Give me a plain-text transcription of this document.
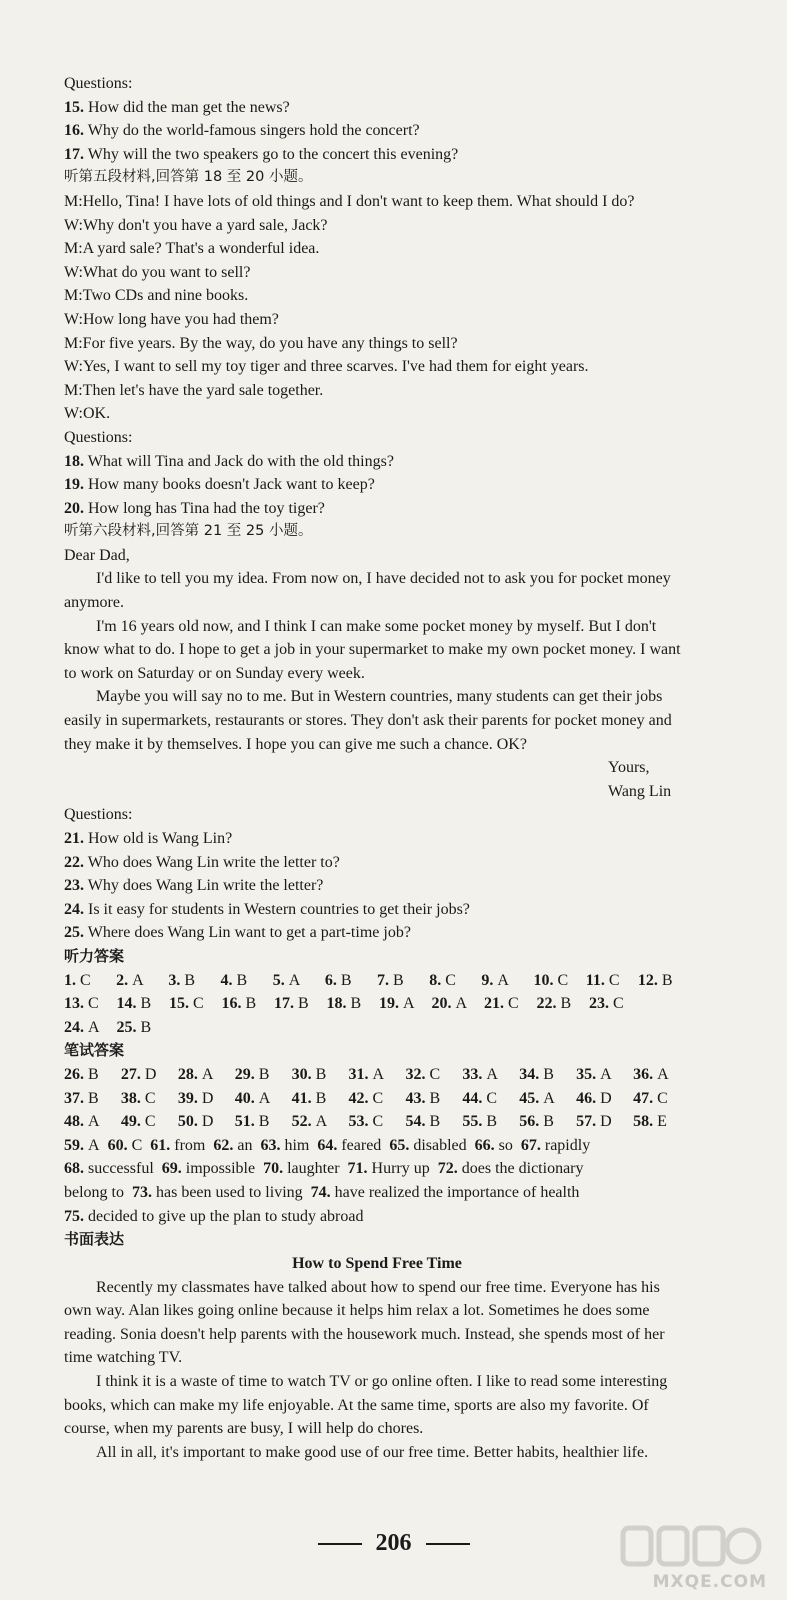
Questions:
15. How did the man get the news?
16. Why do the world-famous singers hold the concert?
17. Why will the two speakers go to the concert this evening?
听第五段材料,回答第 18 至 20 小题。
M:Hello, Tina! I have lots of old things and I don't want to keep them. What should I do?
W:Why don't you have a yard sale, Jack?
M:A yard sale? That's a wonderful idea.
W:What do you want to sell?
M:Two CDs and nine books.
W:How long have you had them?
M:For five years. By the way, do you have any things to sell?
W:Yes, I want to sell my toy tiger and three scarves. I've had them for eight years.
M:Then let's have the yard sale together.
W:OK.
Questions:
18. What will Tina and Jack do with the old things?
19. How many books doesn't Jack want to keep?
20. How long has Tina had the toy tiger?
听第六段材料,回答第 21 至 25 小题。
Dear Dad,
I'd like to tell you my idea. From now on, I have decided not to ask you for pocket money anymore.
I'm 16 years old now, and I think I can make some pocket money by myself. But I don't know what to do. I hope to get a job in your supermarket to make my own pocket money. I want to work on Saturday or on Sunday every week.
Maybe you will say no to me. But in Western countries, many students can get their jobs easily in supermarkets, restaurants or stores. They don't ask their parents for pocket money and they make it by themselves. I hope you can give me such a chance. OK?
Yours,
Wang Lin
Questions:
21. How old is Wang Lin?
22. Who does Wang Lin write the letter to?
23. Why does Wang Lin write the letter?
24. Is it easy for students in Western countries to get their jobs?
25. Where does Wang Lin want to get a part-time job?
听力答案
1. C	2. A	3. B	4. B	5. A	6. B	7. B	8. C	9. A	10. C	11. C	12. B
13. C	14. B	15. C	16. B	17. B	18. B	19. A	20. A	21. C	22. B	23. C
24. A	25. B
笔试答案
26. B	27. D	28. A	29. B	30. B	31. A	32. C	33. A	34. B	35. A	36. A
37. B	38. C	39. D	40. A	41. B	42. C	43. B	44. C	45. A	46. D	47. C
48. A	49. C	50. D	51. B	52. A	53. C	54. B	55. B	56. B	57. D	58. E
59. A
60. C
61. from
62. an
63. him
64. feared
65. disabled
66. so
67. rapidly

68. successful
69. impossible
70. laughter
71. Hurry up
72. does the dictionary

belong to
73. has been used to living
74. have realized the importance of health

75. decided to give up the plan to study abroad

书面表达
How to Spend Free Time
Recently my classmates have talked about how to spend our free time. Everyone has his own way. Alan likes going online because it helps him relax a lot. Sometimes he does some reading. Sonia doesn't help parents with the housework much. Instead, she spends most of her time watching TV.
I think it is a waste of time to watch TV or go online often. I like to read some interesting books, which can make my life enjoyable. At the same time, sports are also my favorite. Of course, when my parents are busy, I will help do chores.
All in all, it's important to make good use of our free time. Better habits, healthier life.
206
MXQE.COM
